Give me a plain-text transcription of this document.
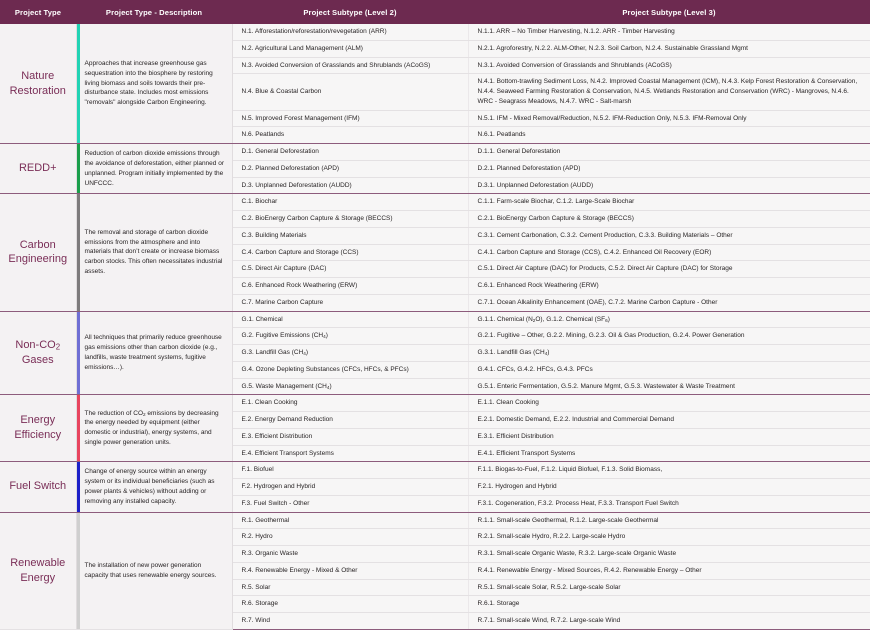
Project Type	Project Type - Description	Project Subtype (Level 2)	Project Subtype (Level 3)
Nature Restoration	Approaches that increase greenhouse gas sequestration into the biosphere by restoring living biomass and soils towards their pre-disturbance state. Includes most emissions "removals" alongside Carbon Engineering.	N.1. Afforestation/reforestation/revegetation (ARR)	N.1.1. ARR – No Timber Harvesting, N.1.2. ARR - Timber Harvesting
		N.2. Agricultural Land Management (ALM)	N.2.1. Agroforestry, N.2.2. ALM-Other, N.2.3. Soil Carbon, N.2.4. Sustainable Grassland Mgmt
		N.3. Avoided Conversion of Grasslands and Shrublands (ACoGS)	N.3.1. Avoided Conversion of Grasslands and Shrublands (ACoGS)
		N.4. Blue & Coastal Carbon	N.4.1. Bottom-trawling Sediment Loss, N.4.2. Improved Coastal Management (ICM), N.4.3. Kelp Forest Restoration & Conservation, N.4.4. Seaweed Farming Restoration & Conservation, N.4.5. Wetlands Restoration and Conservation (WRC) - Mangroves, N.4.6. WRC - Seagrass Meadows, N.4.7. WRC - Salt-marsh
		N.5. Improved Forest Management (IFM)	N.5.1. IFM - Mixed Removal/Reduction, N.5.2. IFM-Reduction Only, N.5.3. IFM-Removal Only
		N.6. Peatlands	N.6.1. Peatlands
REDD+	Reduction of carbon dioxide emissions through the avoidance of deforestation, either planned or unplanned. Program initially implemented by the UNFCCC.	D.1. General Deforestation	D.1.1. General Deforestation
		D.2. Planned Deforestation (APD)	D.2.1. Planned Deforestation (APD)
		D.3. Unplanned Deforestation (AUDD)	D.3.1. Unplanned Deforestation (AUDD)
Carbon Engineering	The removal and storage of carbon dioxide emissions from the atmosphere and into materials that don’t create or increase biomass carbon stocks. This often necessitates industrial assets.	C.1. Biochar	C.1.1. Farm-scale Biochar, C.1.2. Large-Scale Biochar
		C.2. BioEnergy Carbon Capture & Storage (BECCS)	C.2.1. BioEnergy Carbon Capture & Storage (BECCS)
		C.3. Building Materials	C.3.1. Cement Carbonation, C.3.2. Cement Production, C.3.3. Building Materials – Other
		C.4. Carbon Capture and Storage (CCS)	C.4.1. Carbon Capture and Storage (CCS), C.4.2. Enhanced Oil Recovery (EOR)
		C.5. Direct Air Capture (DAC)	C.5.1. Direct Air Capture (DAC) for Products, C.5.2. Direct Air Capture (DAC) for Storage
		C.6. Enhanced Rock Weathering (ERW)	C.6.1. Enhanced Rock Weathering (ERW)
		C.7. Marine Carbon Capture	C.7.1. Ocean Alkalinity Enhancement (OAE), C.7.2. Marine Carbon Capture - Other
Non-$CO_2$ Gases	All techniques that primarily reduce greenhouse gas emissions other than carbon dioxide (e.g., landfills, waste treatment systems, fugitive emissions…).	G.1. Chemical	G.1.1. Chemical $(N_2O)$, G.1.2. Chemical $(SF_6)$
		G.2. Fugitive Emissions $(CH_4)$	G.2.1. Fugitive – Other, G.2.2. Mining, G.2.3. Oil & Gas Production, G.2.4. Power Generation
		G.3. Landfill Gas $(CH_4)$	G.3.1. Landfill Gas $(CH_4)$
		G.4. Ozone Depleting Substances (CFCs, HFCs, & PFCs)	G.4.1. CFCs, G.4.2. HFCs, G.4.3. PFCs
		G.5. Waste Management $(CH_4)$	G.5.1. Enteric Fermentation, G.5.2. Manure Mgmt, G.5.3. Wastewater & Waste Treatment
Energy Efficiency	The reduction of $CO_2$ emissions by decreasing the energy needed by equipment (either domestic or industrial), energy systems, and single power generation units.	E.1. Clean Cooking	E.1.1. Clean Cooking
		E.2. Energy Demand Reduction	E.2.1. Domestic Demand, E.2.2. Industrial and Commercial Demand
		E.3. Efficient Distribution	E.3.1. Efficient Distribution
		E.4. Efficient Transport Systems	E.4.1. Efficient Transport Systems
Fuel Switch	Change of energy source within an energy system or its individual beneficiaries (such as power plants & vehicles) without adding or removing any installed capacity.	F.1. Biofuel	F.1.1. Biogas-to-Fuel, F.1.2. Liquid Biofuel, F.1.3. Solid Biomass,
		F.2. Hydrogen and Hybrid	F.2.1. Hydrogen and Hybrid
		F.3. Fuel Switch - Other	F.3.1. Cogeneration, F.3.2. Process Heat, F.3.3. Transport Fuel Switch
Renewable Energy	The installation of new power generation capacity that uses renewable energy sources.	R.1. Geothermal	R.1.1. Small-scale Geothermal, R.1.2. Large-scale Geothermal
		R.2. Hydro	R.2.1. Small-scale Hydro, R.2.2. Large-scale Hydro
		R.3. Organic Waste	R.3.1. Small-scale Organic Waste, R.3.2. Large-scale Organic Waste
		R.4. Renewable Energy - Mixed & Other	R.4.1. Renewable Energy - Mixed Sources, R.4.2. Renewable Energy – Other
		R.5. Solar	R.5.1. Small-scale Solar, R.5.2. Large-scale Solar
		R.6. Storage	R.6.1. Storage
		R.7. Wind	R.7.1. Small-scale Wind, R.7.2. Large-scale Wind
